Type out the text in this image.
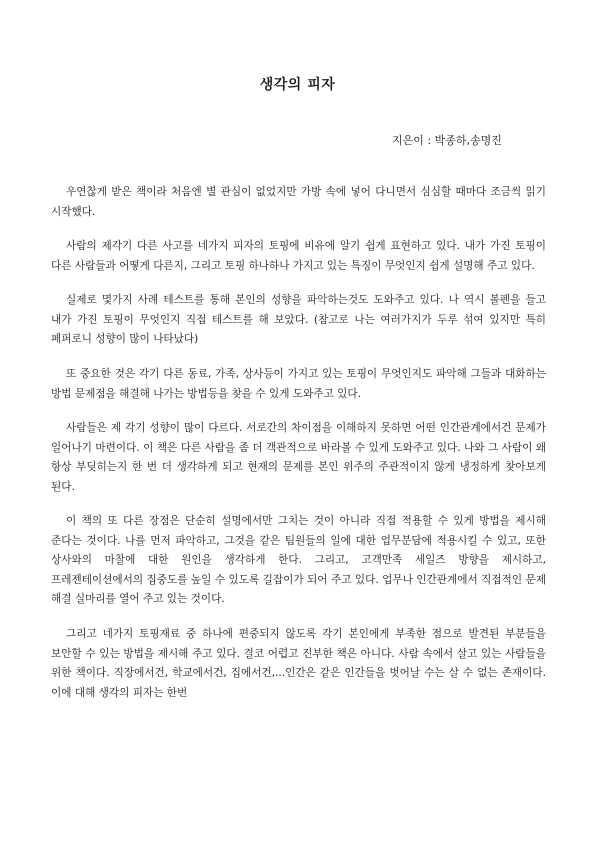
생각의 피자
지은이 : 박종하,송명진

우연찮게 받은 책이라 처음엔 별 관심이 없었지만 가방 속에 넣어 다니면서 심심할 때마다 조금씩 읽기 시작했다.

사람의 제각기 다른 사고를 네가지 피자의 토핑에 비유에 알기 쉽게 표현하고 있다. 내가 가진 토핑이 다른 사람들과 어떻게 다른지, 그리고 토핑 하나하나 가지고 있는 특징이 무엇인지 쉽게 설명해 주고 있다.

실제로 몇가지 사례 테스트를 통해 본인의 성향을 파악하는것도 도와주고 있다. 나 역시 볼펜을 들고 내가 가진 토핑이 무엇인지 직접 테스트를 해 보았다. (참고로 나는 여러가지가 두루 섞여 있지만 특히 페퍼로니 성향이 많이 나타났다)

또 중요한 것은 각기 다른 동료, 가족, 상사등이 가지고 있는 토핑이 무엇인지도 파악해 그들과 대화하는 방법 문제점을 해결해 나가는 방법등을 찾을 수 있게 도와주고 있다.

사람들은 제 각기 성향이 많이 다르다. 서로간의 차이점을 이해하지 못하면 어떤 인간관계에서건 문제가 일어나기 마련이다. 이 책은 다른 사람을 좀 더 객관적으로 바라볼 수 있게 도와주고 있다. 나와 그 사람이 왜 항상 부딪히는지 한 번 더 생각하게 되고 현재의 문제를 본인 위주의 주관적이지 않게 냉정하게 찾아보게 된다.

이 책의 또 다른 장점은 단순히 설명에서만 그치는 것이 아니라 직접 적용할 수 있게 방법을 제시해 준다는 것이다. 나를 먼저 파악하고, 그것을 같은 팀원들의 일에 대한 업무분담에 적용시킬 수 있고, 또한 상사와의 마찰에 대한 원인을 생각하게 한다. 그리고, 고객만족 세일즈 방향을 제시하고, 프레젠테이션에서의 집중도를 높일 수 있도록 길잡이가 되어 주고 있다. 업무나 인간관계에서 직접적인 문제 해결 실마리를 열어 주고 있는 것이다.

그리고 네가지 토핑재료 중 하나에 편중되지 않도록 각기 본인에게 부족한 점으로 발견된 부분들을 보안할 수 있는 방법을 제시해 주고 있다. 결코 어렵고 진부한 책은 아니다. 사람 속에서 살고 있는 사람들을 위한 책이다. 직장에서건, 학교에서건, 집에서건,...인간은 같은 인간들을 벗어날 수는 살 수 없는 존재이다. 이에 대해 생각의 피자는 한번
